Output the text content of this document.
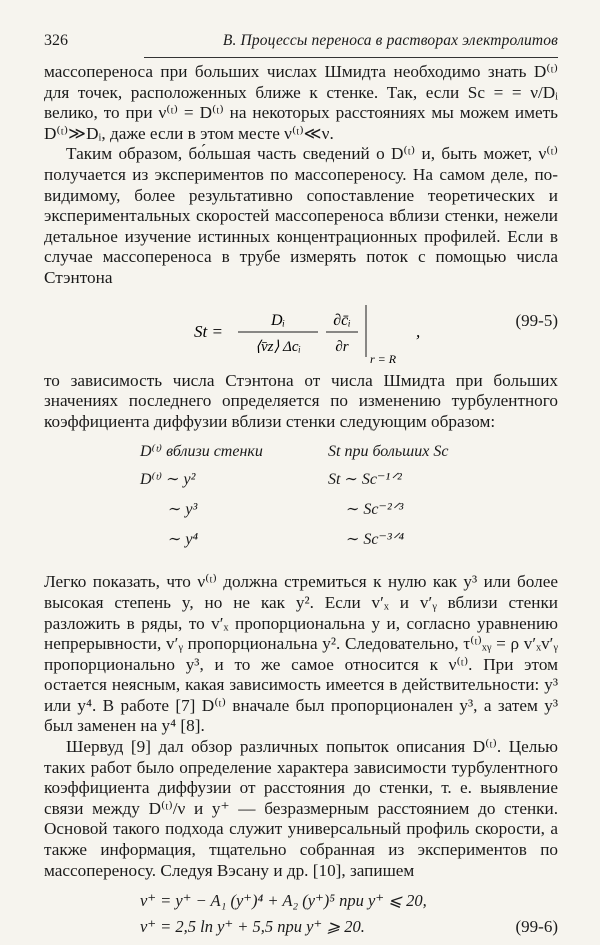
326	В. Процессы переноса в растворах электролитов

массопереноса при больших числах Шмидта необходимо знать D⁽ᵗ⁾ для точек, расположенных ближе к стенке. Так, если Sc = = ν/Dᵢ велико, то при ν⁽ᵗ⁾ = D⁽ᵗ⁾ на некоторых расстояниях мы можем иметь D⁽ᵗ⁾≫Dᵢ, даже если в этом месте ν⁽ᵗ⁾≪ν.

Таким образом, бо́льшая часть сведений о D⁽ᵗ⁾ и, быть может, ν⁽ᵗ⁾ получается из экспериментов по массопереносу. На самом деле, по-видимому, более результативно сопоставление теоретических и экспериментальных скоростей массопереноса вблизи стенки, нежели детальное изучение истинных концентрационных профилей. Если в случае массопереноса в трубе измерять поток с помощью числа Стэнтона

St =
Dᵢ
⟨v̄z⟩ Δcᵢ
∂c̄ᵢ
∂r
r = R
,
(99-5)

то зависимость числа Стэнтона от числа Шмидта при больших значениях последнего определяется по изменению турбулентного коэффициента диффузии вблизи стенки следующим образом:

D⁽ᵗ⁾ вблизи стенки	St при больших Sc
D⁽ᵗ⁾ ∼ y²	St ∼ Sc⁻¹ᐟ²
∼ y³	∼ Sc⁻²ᐟ³
∼ y⁴	∼ Sc⁻³ᐟ⁴

Легко показать, что ν⁽ᵗ⁾ должна стремиться к нулю как y³ или более высокая степень y, но не как y². Если v′ₓ и v′ᵧ вблизи стенки разложить в ряды, то v′ₓ пропорциональна y и, согласно уравнению непрерывности, v′ᵧ пропорциональна y². Следовательно, τ⁽ᵗ⁾ₓᵧ = ρ v′ₓv′ᵧ пропорционально y³, и то же самое относится к ν⁽ᵗ⁾. При этом остается неясным, какая зависимость имеется в действительности: y³ или y⁴. В работе [7] D⁽ᵗ⁾ вначале был пропорционален y³, а затем y³ был заменен на y⁴ [8].

Шервуд [9] дал обзор различных попыток описания D⁽ᵗ⁾. Целью таких работ было определение характера зависимости турбулентного коэффициента диффузии от расстояния до стенки, т. е. выявление связи между D⁽ᵗ⁾/ν и y⁺ — безразмерным расстоянием до стенки. Основой такого подхода служит универсальный профиль скорости, а также информация, тщательно собранная из экспериментов по массопереносу. Следуя Вэсану и др. [10], запишем

v⁺ = y⁺ − A₁ (y⁺)⁴ + A₂ (y⁺)⁵ при y⁺ ⩽ 20,
v⁺ = 2,5 ln y⁺ + 5,5 при y⁺ ⩾ 20.	(99-6)
